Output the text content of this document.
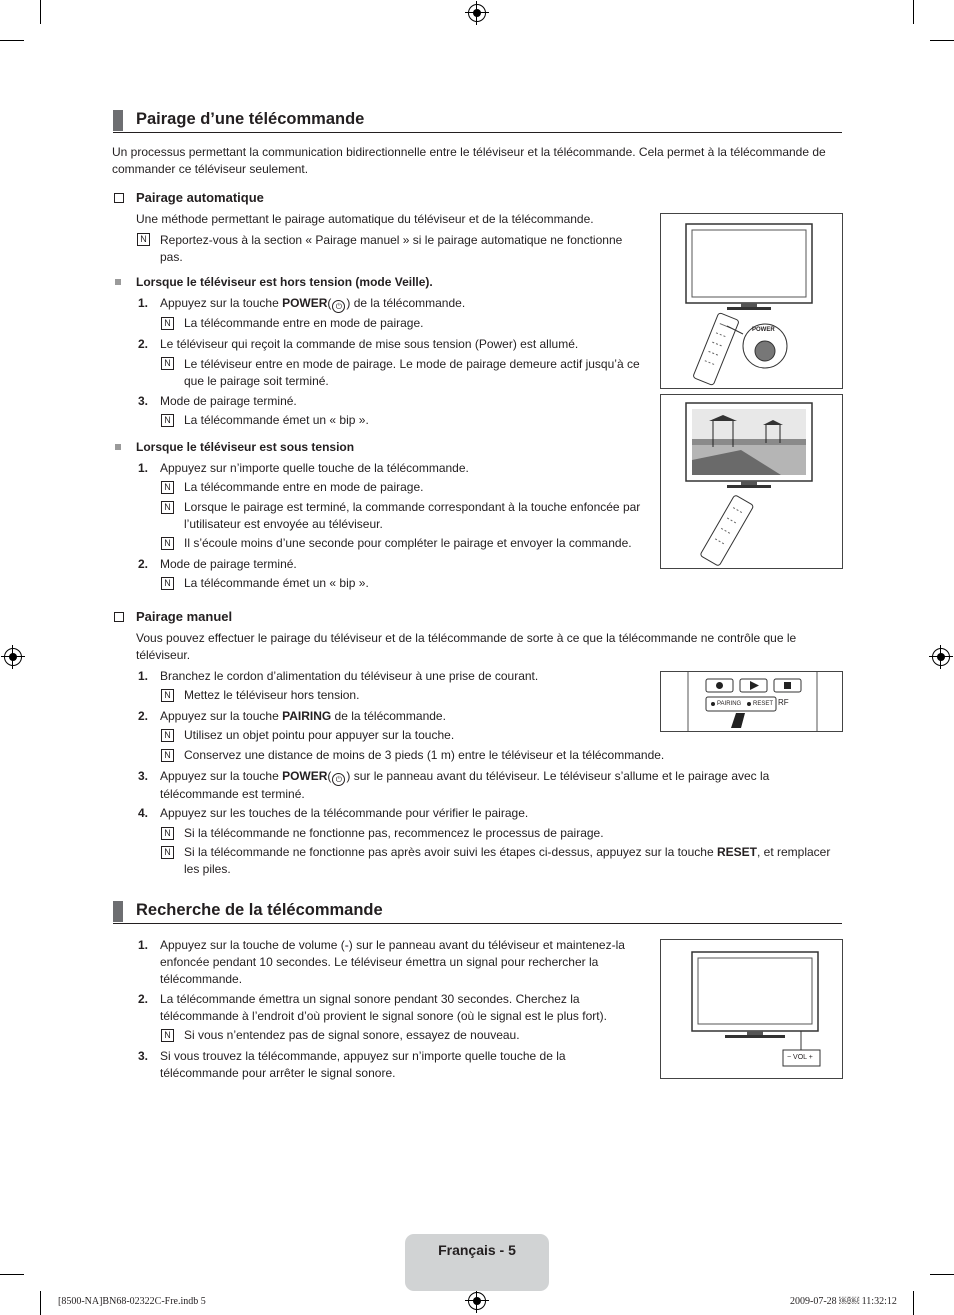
Pairage d’une télécommande
Un processus permettant la communication bidirectionnelle entre le téléviseur et la télécommande. Cela permet à la télécommande de commander ce téléviseur seulement.
Pairage automatique
Une méthode permettant le pairage automatique du téléviseur et de la télécommande.
N
Reportez-vous à la section « Pairage manuel » si le pairage automatique ne fonctionne pas.
Lorsque le téléviseur est hors tension (mode Veille).
1. Appuyez sur la touche POWER( ⏻ ) de la télécommande.
N
La télécommande entre en mode de pairage.
2. Le téléviseur qui reçoit la commande de mise sous tension (Power) est allumé.
N
Le téléviseur entre en mode de pairage. Le mode de pairage demeure actif jusqu’à ce que le pairage soit terminé.
3. Mode de pairage terminé.
N
La télécommande émet un « bip ».
Lorsque le téléviseur est sous tension
1. Appuyez sur n’importe quelle touche de la télécommande.
N
La télécommande entre en mode de pairage.
N
Lorsque le pairage est terminé, la commande correspondant à la touche enfoncée par l’utilisateur est envoyée au téléviseur.
N
Il s’écoule moins d’une seconde pour compléter le pairage et envoyer la commande.
2. Mode de pairage terminé.
N
La télécommande émet un « bip ».
POWER
Pairage manuel
Vous pouvez effectuer le pairage du téléviseur et de la télécommande de sorte à ce que la télécommande ne contrôle que le téléviseur.
1. Branchez le cordon d’alimentation du téléviseur à une prise de courant.
N
Mettez le téléviseur hors tension.
2. Appuyez sur la touche PAIRING de la télécommande.
N
Utilisez un objet pointu pour appuyer sur la touche.
N
Conservez une distance de moins de 3 pieds (1 m) entre le téléviseur et la télécommande.
3. Appuyez sur la touche POWER( ⏻ ) sur le panneau avant du téléviseur. Le téléviseur s’allume et le pairage avec la télécommande est terminé.
4. Appuyez sur les touches de la télécommande pour vérifier le pairage.
N
Si la télécommande ne fonctionne pas, recommencez le processus de pairage.
N
Si la télécommande ne fonctionne pas après avoir suivi les étapes ci-dessus, appuyez sur la touche RESET, et remplacer les piles.
PAIRING RESET RF
Recherche de la télécommande
1. Appuyez sur la touche de volume (-) sur le panneau avant du téléviseur et maintenez-la enfoncée pendant 10 secondes. Le téléviseur émettra un signal pour rechercher la télécommande.
2. La télécommande émettra un signal sonore pendant 30 secondes. Cherchez la télécommande à l’endroit d’où provient le signal sonore (où le signal est le plus fort).
N
Si vous n’entendez pas de signal sonore, essayez de nouveau.
3. Si vous trouvez la télécommande, appuyez sur n’importe quelle touche de la télécommande pour arrêter le signal sonore.
− VOL +
Français - 5
[8500-NA]BN68-02322C-Fre.indb 5	2009-07-28 ￼￼ 11:32:12
